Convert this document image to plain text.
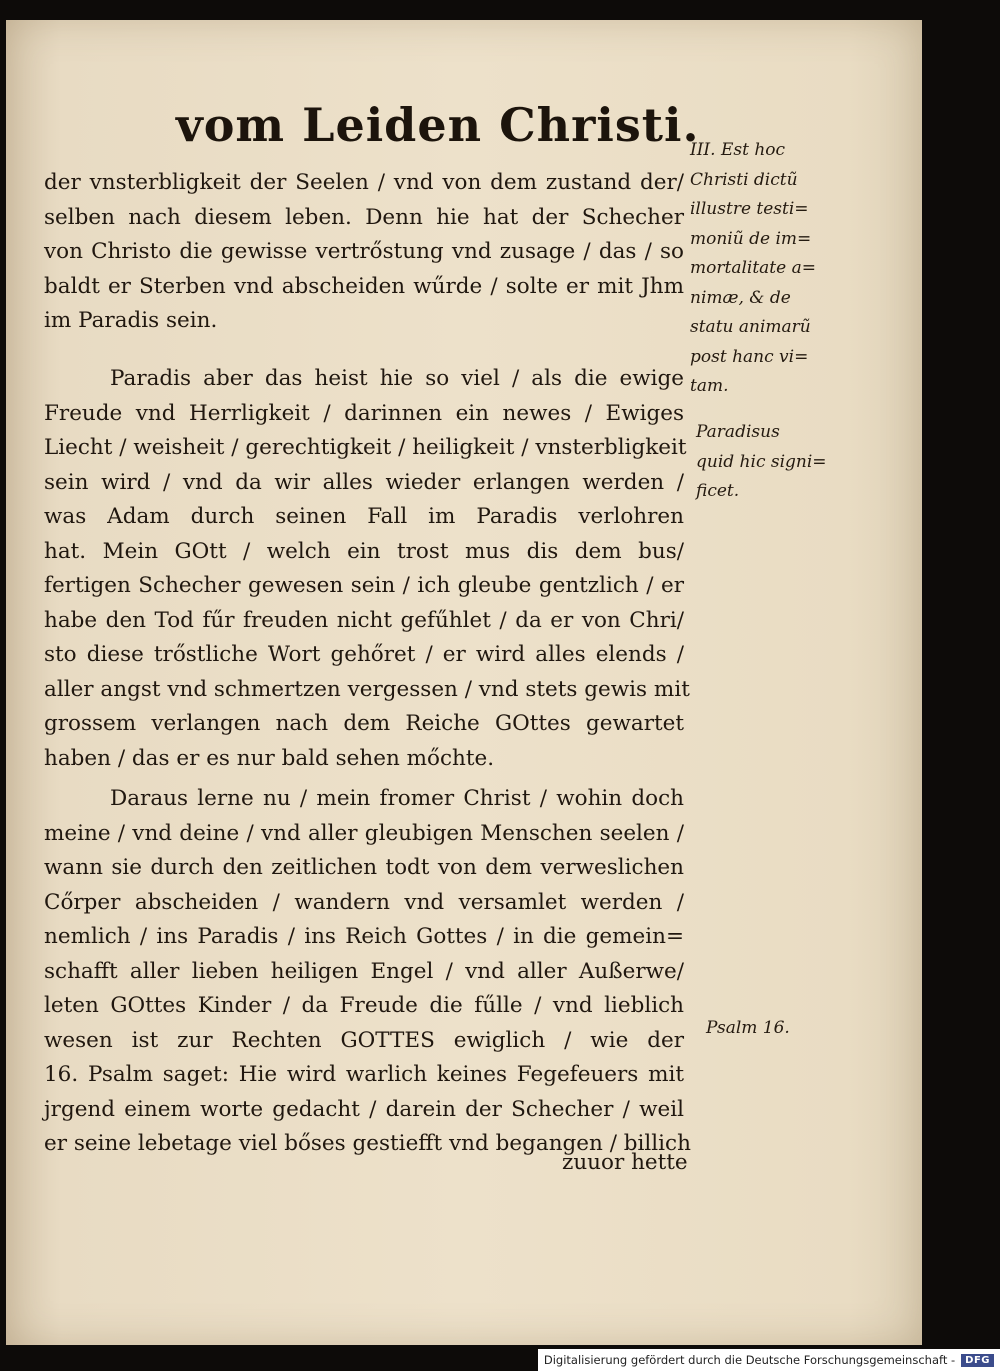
vom Leiden Christi.
der vnsterbligkeit der Seelen / vnd von dem zustand der/
selben nach diesem leben. Denn hie hat der Schecher
von Christo die gewisse vertrőstung vnd zusage / das / so
baldt er Sterben vnd abscheiden wűrde / solte er mit Jhm
im Paradis sein.
Paradis aber das heist hie so viel / als die ewige
Freude vnd Herrligkeit / darinnen ein newes / Ewiges
Liecht / weisheit / gerechtigkeit / heiligkeit / vnsterbligkeit
sein wird / vnd da wir alles wieder erlangen werden /
was Adam durch seinen Fall im Paradis verlohren
hat. Mein GOtt / welch ein trost mus dis dem bus/
fertigen Schecher gewesen sein / ich gleube gentzlich / er
habe den Tod fűr freuden nicht gefűhlet / da er von Chri/
sto diese trőstliche Wort gehőret / er wird alles elends /
aller angst vnd schmertzen vergessen / vnd stets gewis mit
grossem verlangen nach dem Reiche GOttes gewartet
haben / das er es nur bald sehen mőchte.
Daraus lerne nu / mein fromer Christ / wohin doch
meine / vnd deine / vnd aller gleubigen Menschen seelen /
wann sie durch den zeitlichen todt von dem verweslichen
Cőrper abscheiden / wandern vnd versamlet werden /
nemlich / ins Paradis / ins Reich Gottes / in die gemein=
schafft aller lieben heiligen Engel / vnd aller Außerwe/
leten GOttes Kinder / da Freude die fűlle / vnd lieblich
wesen ist zur Rechten GOTTES ewiglich / wie der
16. Psalm saget: Hie wird warlich keines Fegefeuers mit
jrgend einem worte gedacht / darein der Schecher / weil
er seine lebetage viel bőses gestiefft vnd begangen / billich
zuuor hette
III. Est hoc
Christi dictũ
illustre testi=
moniũ de im=
mortalitate a=
nimæ, & de
statu animarũ
post hanc vi=
tam.
Paradisus
quid hic signi=
ficet.
Psalm 16.
Digitalisierung gefördert durch die Deutsche Forschungsgemeinschaft -	DFG
